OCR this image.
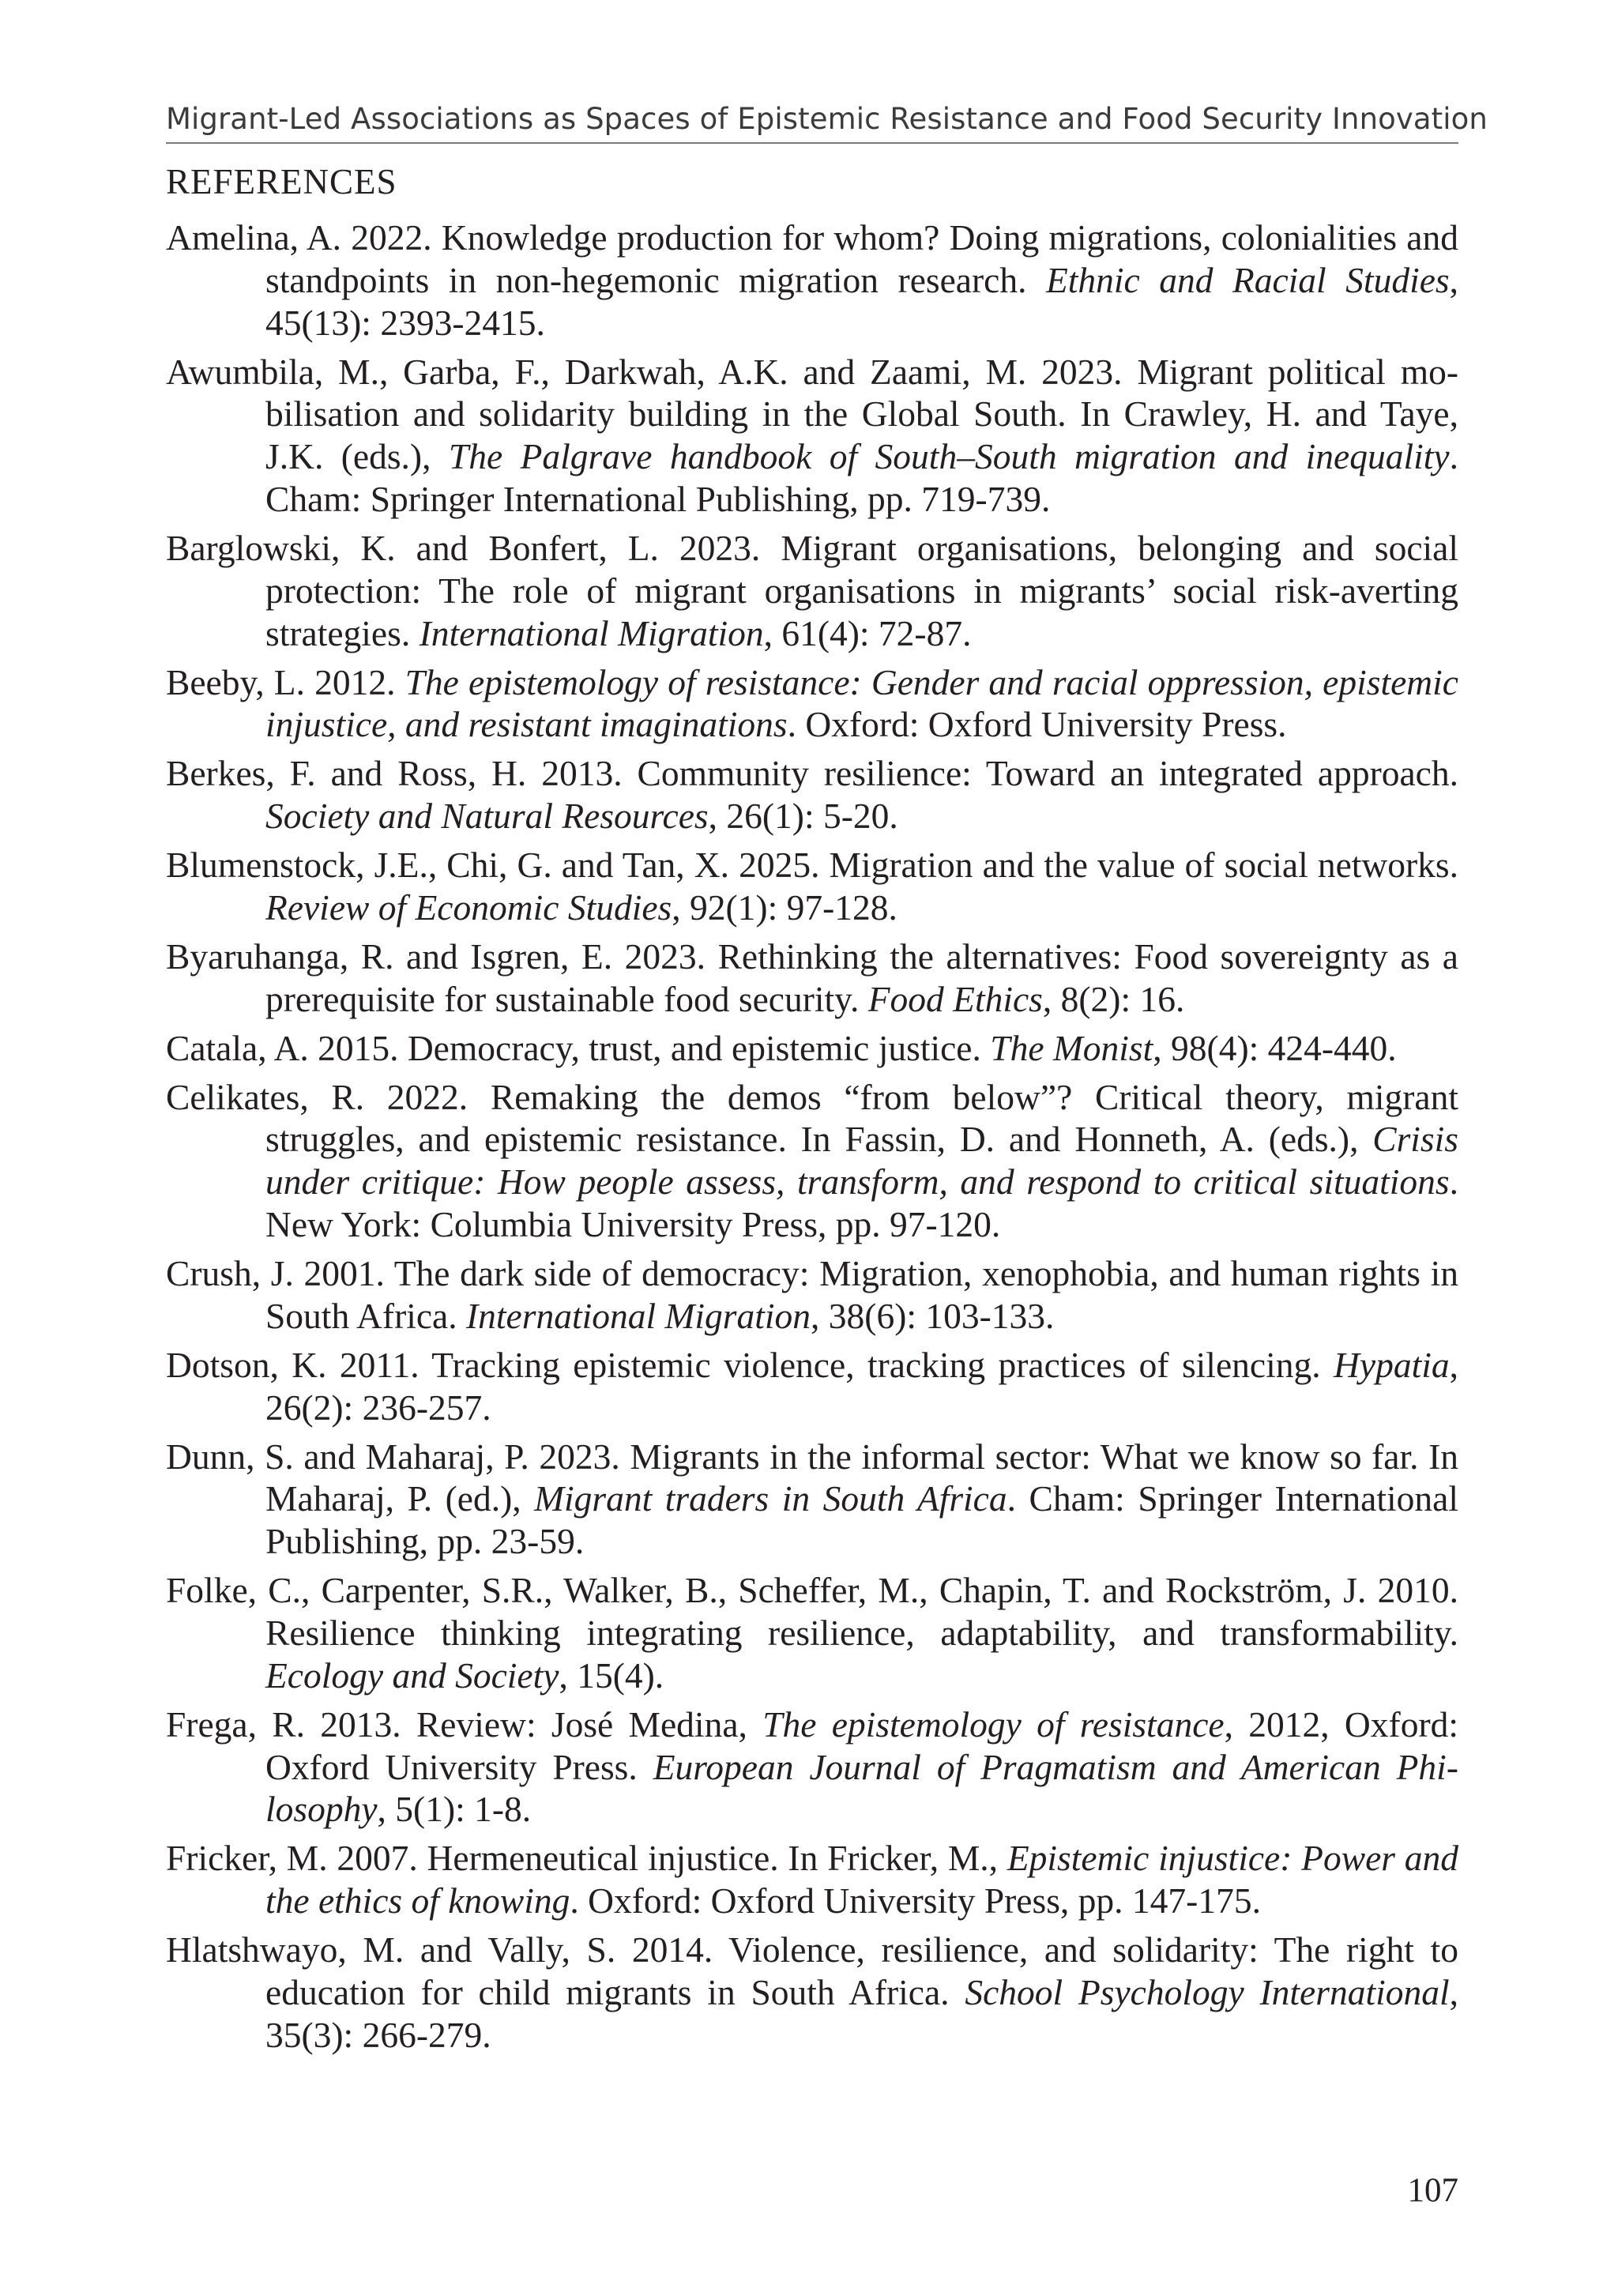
Migrant-Led Associations as Spaces of Epistemic Resistance and Food Security Innovation
REFERENCES
Amelina, A. 2022. Knowledge production for whom? Doing migrations, colonialities and standpoints in non-hegemonic migration research. Ethnic and Racial Studies, 45(13): 2393-2415.
Awumbila, M., Garba, F., Darkwah, A.K. and Zaami, M. 2023. Migrant political mobilisation and solidarity building in the Global South. In Crawley, H. and Taye, J.K. (eds.), The Palgrave handbook of South–South migration and inequality. Cham: Springer International Publishing, pp. 719-739.
Barglowski, K. and Bonfert, L. 2023. Migrant organisations, belonging and social protection: The role of migrant organisations in migrants’ social risk-averting strategies. International Migration, 61(4): 72-87.
Beeby, L. 2012. The epistemology of resistance: Gender and racial oppression, epistemic injustice, and resistant imaginations. Oxford: Oxford University Press.
Berkes, F. and Ross, H. 2013. Community resilience: Toward an integrated approach. Society and Natural Resources, 26(1): 5-20.
Blumenstock, J.E., Chi, G. and Tan, X. 2025. Migration and the value of social networks. Review of Economic Studies, 92(1): 97-128.
Byaruhanga, R. and Isgren, E. 2023. Rethinking the alternatives: Food sovereignty as a prerequisite for sustainable food security. Food Ethics, 8(2): 16.
Catala, A. 2015. Democracy, trust, and epistemic justice. The Monist, 98(4): 424-440.
Celikates, R. 2022. Remaking the demos “from below”? Critical theory, migrant struggles, and epistemic resistance. In Fassin, D. and Honneth, A. (eds.), Crisis under critique: How people assess, transform, and respond to critical situations. New York: Columbia University Press, pp. 97-120.
Crush, J. 2001. The dark side of democracy: Migration, xenophobia, and human rights in South Africa. International Migration, 38(6): 103-133.
Dotson, K. 2011. Tracking epistemic violence, tracking practices of silencing. Hypatia, 26(2): 236-257.
Dunn, S. and Maharaj, P. 2023. Migrants in the informal sector: What we know so far. In Maharaj, P. (ed.), Migrant traders in South Africa. Cham: Springer International Publishing, pp. 23-59.
Folke, C., Carpenter, S.R., Walker, B., Scheffer, M., Chapin, T. and Rockström, J. 2010. Resilience thinking integrating resilience, adaptability, and transformability. Ecology and Society, 15(4).
Frega, R. 2013. Review: José Medina, The epistemology of resistance, 2012, Oxford: Oxford University Press. European Journal of Pragmatism and American Philosophy, 5(1): 1-8.
Fricker, M. 2007. Hermeneutical injustice. In Fricker, M., Epistemic injustice: Power and the ethics of knowing. Oxford: Oxford University Press, pp. 147-175.
Hlatshwayo, M. and Vally, S. 2014. Violence, resilience, and solidarity: The right to education for child migrants in South Africa. School Psychology International, 35(3): 266-279.
107
